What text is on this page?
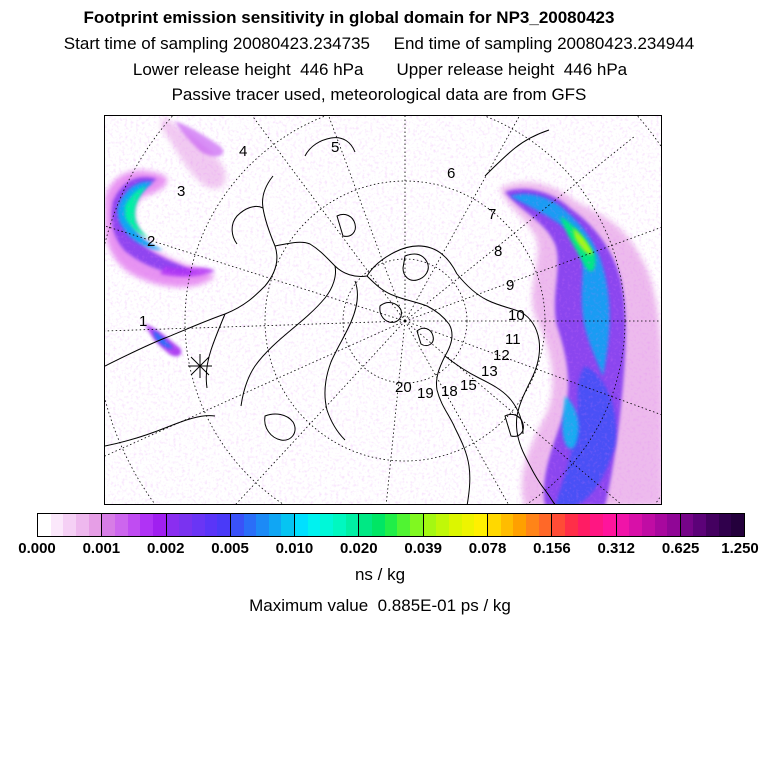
Footprint emission sensitivity in global domain for NP3_20080423
Start time of sampling 20080423.234735     End time of sampling 20080423.234944
Lower release height  446 hPa       Upper release height  446 hPa
Passive tracer used, meteorological data are from GFS
1
2
3
4	5
6
7
8
9
10
11
12
13
15
18
19
20
0.000 0.001 0.002 0.005 0.010 0.020 0.039 0.078 0.156 0.312 0.625 1.250
ns / kg
Maximum value  0.885E-01 ps / kg
